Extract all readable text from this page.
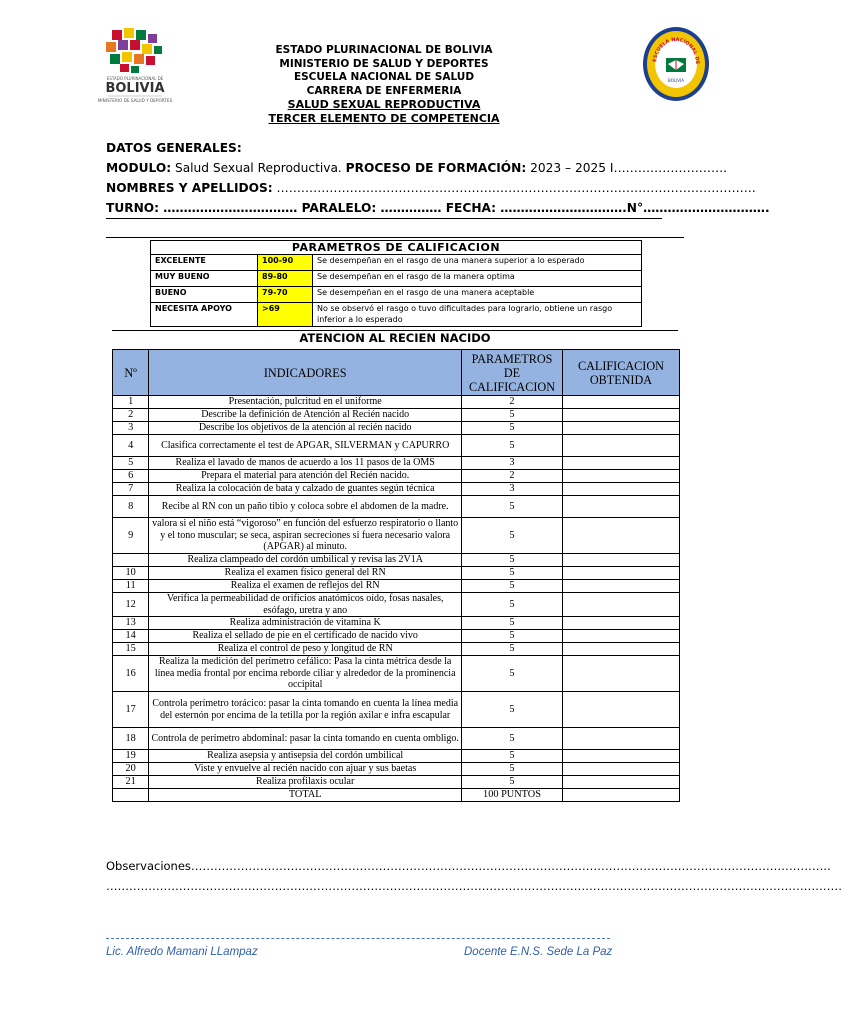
ESTADO PLURINACIONAL DE
BOLIVIA
MINISTERIO DE SALUD Y DEPORTES
ESCUELA NACIONAL DE
BOLIVIA
ESTADO PLURINACIONAL DE BOLIVIA
MINISTERIO DE SALUD Y DEPORTES
ESCUELA NACIONAL DE SALUD
CARRERA DE ENFERMERIA
SALUD SEXUAL REPRODUCTIVA
TERCER ELEMENTO DE COMPETENCIA
DATOS GENERALES:
MODULO: Salud Sexual Reproductiva. PROCESO DE FORMACIÓN: 2023 – 2025 I……………………….
NOMBRES Y APELLIDOS: ……………………………………………………………………………………………………….
TURNO: …………………………… PARALELO: …………… FECHA: ………………………….N°………………………….
PARAMETROS DE CALIFICACION		
EXCELENTE	100-90	Se desempeñan en el rasgo de una manera superior a lo esperado
MUY BUENO	89-80	Se desempeñan en el rasgo de la manera optima
BUENO	79-70	Se desempeñan en el rasgo de una manera aceptable
NECESITA APOYO	>69	No se observó el rasgo o tuvo dificultades para lograrlo, obtiene un rasgo inferior a lo esperado
ATENCION AL RECIEN NACIDO
Nº	INDICADORES	PARAMETROS DE CALIFICACION	CALIFICACION OBTENIDA
1	Presentación, pulcritud en el uniforme	2	
2	Describe la definición de Atención al Recién nacido	5	
3	Describe los objetivos de la atención al recién nacido	5	
4	Clasifica correctamente el test de APGAR, SILVERMAN y CAPURRO	5	
5	Realiza el lavado de manos de acuerdo a los 11 pasos de la OMS	3	
6	Prepara el material para atención del Recién nacido.	2	
7	Realiza la colocación de bata y calzado de guantes según técnica	3	
8	Recibe al RN con un paño tibio y coloca sobre el abdomen de la madre.	5	
9	valora si el niño está “vigoroso” en función del esfuerzo respiratorio o llanto y el tono muscular; se seca, aspiran secreciones si fuera necesario valora (APGAR) al minuto.	5	
	Realiza clampeado del cordón umbilical y revisa las 2V1A	5	
10	Realiza el examen físico general del RN	5	
11	Realiza el examen de reflejos del RN	5	
12	Verifica la permeabilidad de orificios anatómicos oído, fosas nasales, esófago, uretra y ano	5	
13	Realiza administración de vitamina K	5	
14	Realiza el sellado de pie en el certificado de nacido vivo	5	
15	Realiza el control de peso y longitud de RN	5	
16	Realiza la medición del perímetro cefálico: Pasa la cinta métrica desde la línea media frontal por encima reborde ciliar y alrededor de la prominencia occipital	5	
17	Controla perímetro torácico: pasar la cinta tomando en cuenta la línea media del esternón por encima de la tetilla por la región axilar e infra escapular	5	
18	Controla de perímetro abdominal: pasar la cinta tomando en cuenta ombligo.	5	
19	Realiza asepsia y antisepsia del cordón umbilical	5	
20	Viste y envuelve al recién nacido con ajuar y sus baetas	5	
21	Realiza profilaxis ocular	5	
	TOTAL	100 PUNTOS	
Observaciones…………………………………………………………………………………………………………………………………………………..
…………………………………………………………………………………………………………………………………………………………………………
Lic. Alfredo Mamani LLampaz	Docente E.N.S. Sede La Paz
